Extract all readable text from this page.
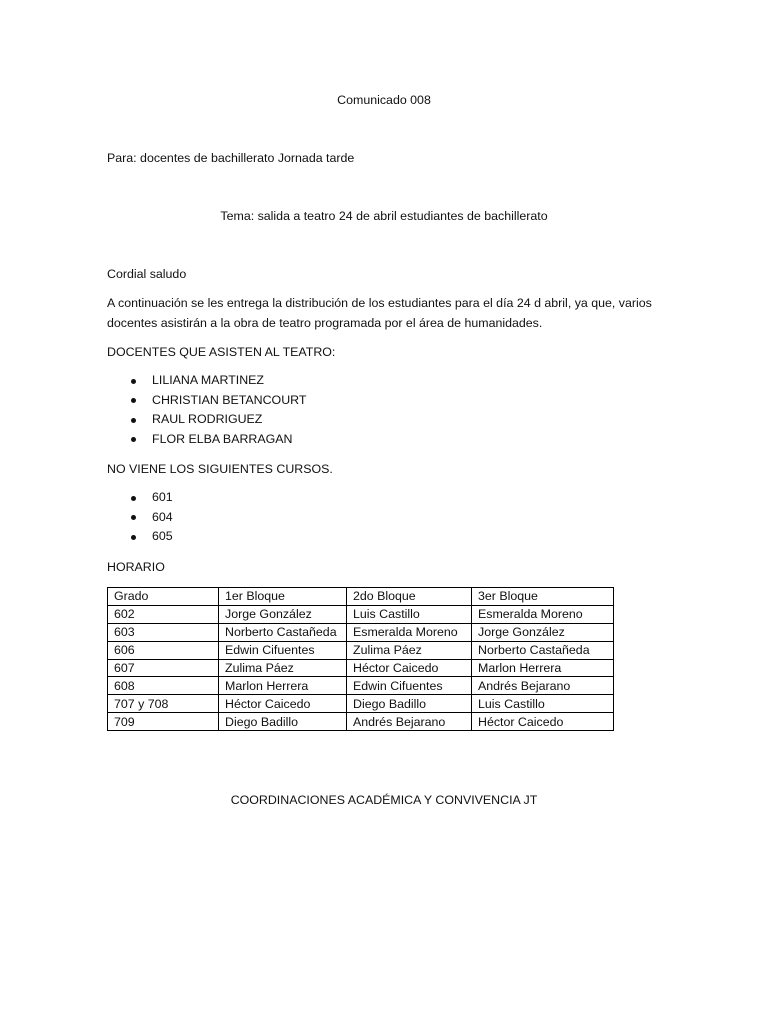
Comunicado 008
Para: docentes de bachillerato Jornada tarde
Tema: salida a teatro 24 de abril estudiantes de bachillerato
Cordial saludo
A continuación se les entrega la distribución de los estudiantes para el día 24 d abril, ya que, varios docentes asistirán a la obra de teatro programada por el área de humanidades.
DOCENTES QUE ASISTEN AL TEATRO:
LILIANA MARTINEZ
CHRISTIAN BETANCOURT
RAUL RODRIGUEZ
FLOR ELBA BARRAGAN
NO VIENE LOS SIGUIENTES CURSOS.
601
604
605
HORARIO
Grado	1er Bloque	2do Bloque	3er Bloque
602	Jorge González	Luis Castillo	Esmeralda Moreno
603	Norberto Castañeda	Esmeralda Moreno	Jorge González
606	Edwin Cifuentes	Zulima Páez	Norberto Castañeda
607	Zulima Páez	Héctor Caicedo	Marlon Herrera
608	Marlon Herrera	Edwin Cifuentes	Andrés Bejarano
707 y 708	Héctor Caicedo	Diego Badillo	Luis Castillo
709	Diego Badillo	Andrés Bejarano	Héctor Caicedo
COORDINACIONES ACADÉMICA Y CONVIVENCIA JT
